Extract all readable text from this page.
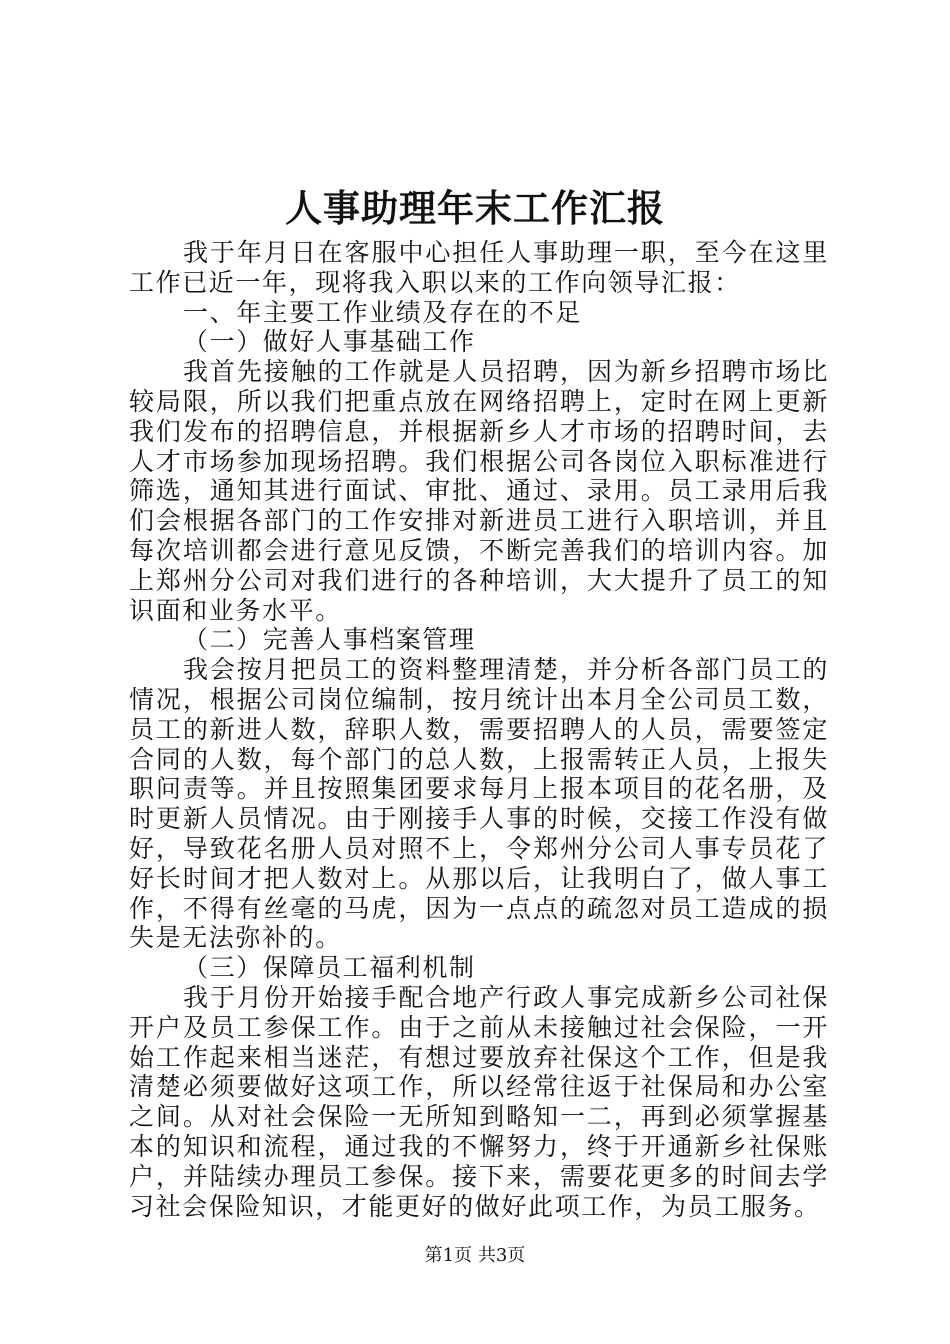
人事助理年末工作汇报

我于年月日在客服中心担任人事助理一职，至今在这里工作已近一年，现将我入职以来的工作向领导汇报：

一、年主要工作业绩及存在的不足

（一）做好人事基础工作

我首先接触的工作就是人员招聘，因为新乡招聘市场比较局限，所以我们把重点放在网络招聘上，定时在网上更新我们发布的招聘信息，并根据新乡人才市场的招聘时间，去人才市场参加现场招聘。我们根据公司各岗位入职标准进行筛选，通知其进行面试、审批、通过、录用。员工录用后我们会根据各部门的工作安排对新进员工进行入职培训，并且每次培训都会进行意见反馈，不断完善我们的培训内容。加上郑州分公司对我们进行的各种培训，大大提升了员工的知识面和业务水平。

（二）完善人事档案管理

我会按月把员工的资料整理清楚，并分析各部门员工的情况，根据公司岗位编制，按月统计出本月全公司员工数，员工的新进人数，辞职人数，需要招聘人的人员，需要签定合同的人数，每个部门的总人数，上报需转正人员，上报失职问责等。并且按照集团要求每月上报本项目的花名册，及时更新人员情况。由于刚接手人事的时候，交接工作没有做好，导致花名册人员对照不上，令郑州分公司人事专员花了好长时间才把人数对上。从那以后，让我明白了，做人事工作，不得有丝毫的马虎，因为一点点的疏忽对员工造成的损失是无法弥补的。

（三）保障员工福利机制

我于月份开始接手配合地产行政人事完成新乡公司社保开户及员工参保工作。由于之前从未接触过社会保险，一开始工作起来相当迷茫，有想过要放弃社保这个工作，但是我清楚必须要做好这项工作，所以经常往返于社保局和办公室之间。从对社会保险一无所知到略知一二，再到必须掌握基本的知识和流程，通过我的不懈努力，终于开通新乡社保账户，并陆续办理员工参保。接下来，需要花更多的时间去学习社会保险知识，才能更好的做好此项工作，为员工服务。

第1页 共3页
